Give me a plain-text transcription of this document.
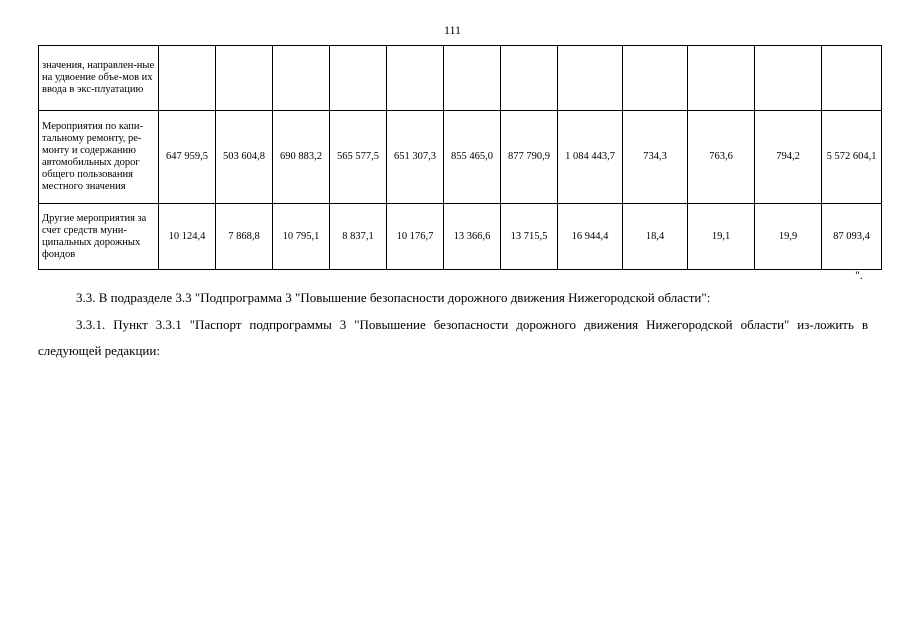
111
значения, направлен-ные на удвоение объе-мов их ввода в экс-плуатацию												
Мероприятия по капи-тальному ремонту, ре-монту и содержанию автомобильных дорог общего пользования местного значения	647 959,5	503 604,8	690 883,2	565 577,5	651 307,3	855 465,0	877 790,9	1 084 443,7	734,3	763,6	794,2	5 572 604,1
Другие мероприятия за счет средств муни-ципальных дорожных фондов	10 124,4	7 868,8	10 795,1	8 837,1	10 176,7	13 366,6	13 715,5	16 944,4	18,4	19,1	19,9	87 093,4
".
3.3. В подразделе 3.3 "Подпрограмма 3 "Повышение безопасности дорожного движения Нижегородской области":
3.3.1. Пункт 3.3.1 "Паспорт подпрограммы 3 "Повышение безопасности дорожного движения Нижегородской области" из-ложить в следующей редакции:
